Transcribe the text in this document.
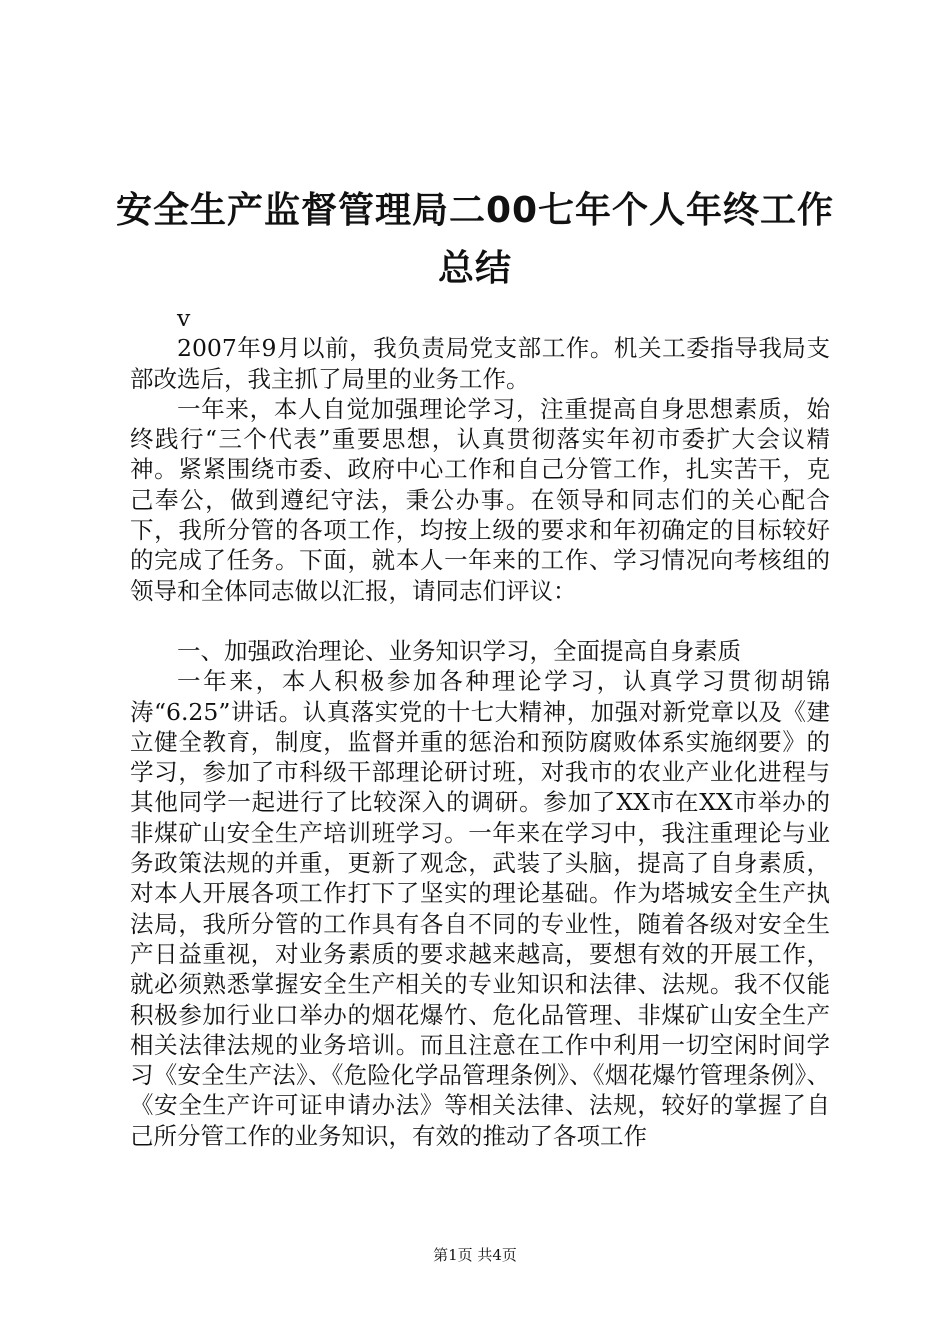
安全生产监督管理局二00七年个人年终工作
总结

v

2007年9月以前，我负责局党支部工作。机关工委指导我局支部改选后，我主抓了局里的业务工作。

一年来，本人自觉加强理论学习，注重提高自身思想素质，始终践行“三个代表”重要思想，认真贯彻落实年初市委扩大会议精神。紧紧围绕市委、政府中心工作和自己分管工作，扎实苦干，克己奉公，做到遵纪守法，秉公办事。在领导和同志们的关心配合下，我所分管的各项工作，均按上级的要求和年初确定的目标较好的完成了任务。下面，就本人一年来的工作、学习情况向考核组的领导和全体同志做以汇报，请同志们评议：

一、加强政治理论、业务知识学习，全面提高自身素质

一年来，本人积极参加各种理论学习，认真学习贯彻胡锦涛“6.25”讲话。认真落实党的十七大精神，加强对新党章以及《建立健全教育，制度，监督并重的惩治和预防腐败体系实施纲要》的学习，参加了市科级干部理论研讨班，对我市的农业产业化进程与其他同学一起进行了比较深入的调研。参加了XX市在XX市举办的非煤矿山安全生产培训班学习。一年来在学习中，我注重理论与业务政策法规的并重，更新了观念，武装了头脑，提高了自身素质，对本人开展各项工作打下了坚实的理论基础。作为塔城安全生产执法局，我所分管的工作具有各自不同的专业性，随着各级对安全生产日益重视，对业务素质的要求越来越高，要想有效的开展工作，就必须熟悉掌握安全生产相关的专业知识和法律、法规。我不仅能积极参加行业口举办的烟花爆竹、危化品管理、非煤矿山安全生产相关法律法规的业务培训。而且注意在工作中利用一切空闲时间学习《安全生产法》、《危险化学品管理条例》、《烟花爆竹管理条例》、《安全生产许可证申请办法》等相关法律、法规，较好的掌握了自己所分管工作的业务知识，有效的推动了各项工作

第1页 共4页
